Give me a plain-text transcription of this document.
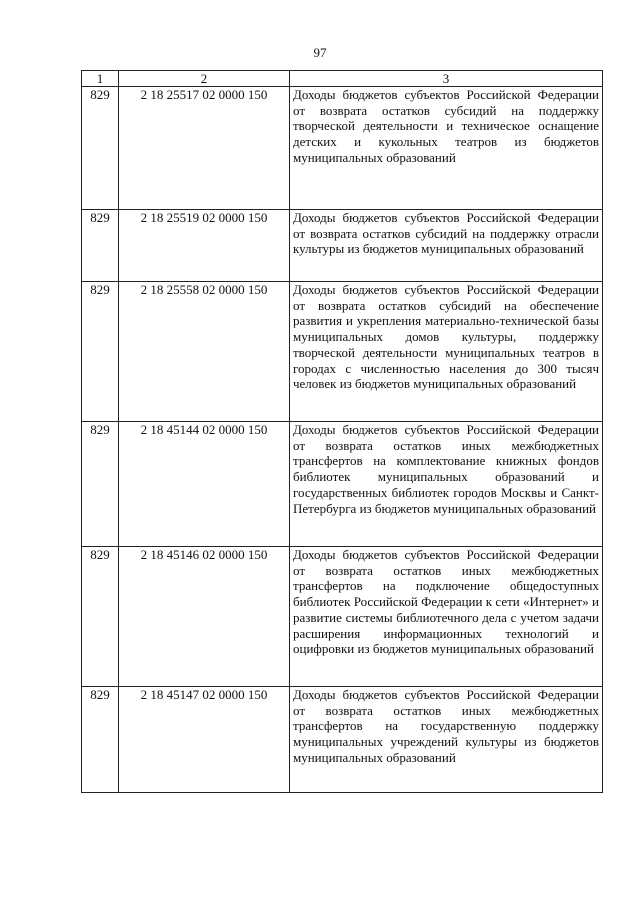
97
1	2	3
829	2 18 25517 02 0000 150	Доходы бюджетов субъектов Российской Федерации от возврата остатков субсидий на поддержку творческой деятельности и техническое оснащение детских и кукольных театров из бюджетов муниципальных образований
829	2 18 25519 02 0000 150	Доходы бюджетов субъектов Российской Федерации от возврата остатков субсидий на поддержку отрасли культуры из бюджетов муниципальных образований
829	2 18 25558 02 0000 150	Доходы бюджетов субъектов Российской Федерации от возврата остатков субсидий на обеспечение развития и укрепления материально-технической базы муниципальных домов культуры, поддержку творческой деятельности муниципальных театров в городах с численностью населения до 300 тысяч человек из бюджетов муниципальных образований
829	2 18 45144 02 0000 150	Доходы бюджетов субъектов Российской Федерации от возврата остатков иных межбюджетных трансфертов на комплектование книжных фондов библиотек муниципальных образований и государственных библиотек городов Москвы и Санкт-Петербурга из бюджетов муниципальных образований
829	2 18 45146 02 0000 150	Доходы бюджетов субъектов Российской Федерации от возврата остатков иных межбюджетных трансфертов на подключение общедоступных библиотек Российской Федерации к сети «Интернет» и развитие системы библиотечного дела с учетом задачи расширения информационных технологий и оцифровки из бюджетов муниципальных образований
829	2 18 45147 02 0000 150	Доходы бюджетов субъектов Российской Федерации от возврата остатков иных межбюджетных трансфертов на государственную поддержку муниципальных учреждений культуры из бюджетов муниципальных образований
